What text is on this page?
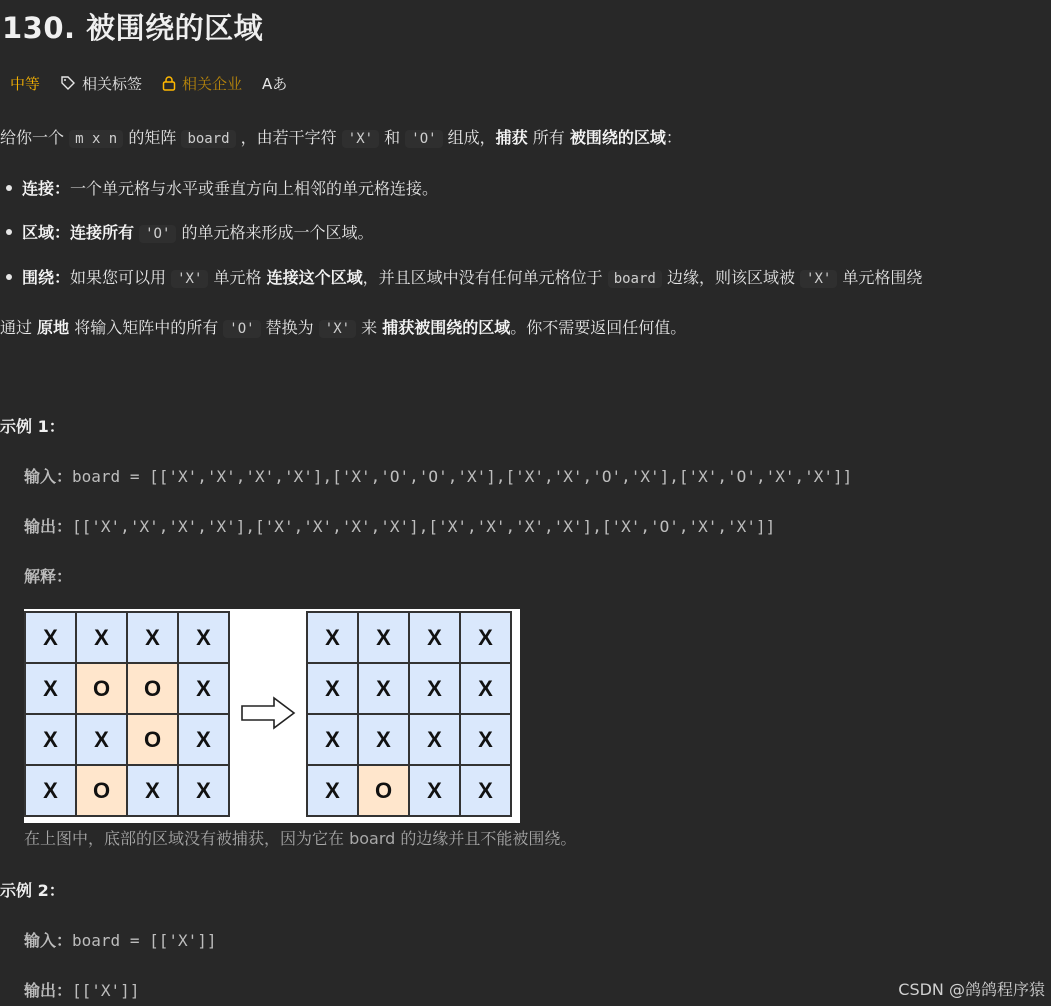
130. 被围绕的区域
中等	相关标签	相关企业 Aあ
给你一个 m x n 的矩阵 board ，由若干字符 'X' 和 'O' 组成，捕获 所有 被围绕的区域：
连接：一个单元格与水平或垂直方向上相邻的单元格连接。
区域：连接所有 'O' 的单元格来形成一个区域。
围绕：如果您可以用 'X' 单元格 连接这个区域，并且区域中没有任何单元格位于 board 边缘，则该区域被 'X' 单元格围绕
通过 原地 将输入矩阵中的所有 'O' 替换为 'X' 来 捕获被围绕的区域。你不需要返回任何值。
示例 1：
输入：board = [['X','X','X','X'],['X','O','O','X'],['X','X','O','X'],['X','O','X','X']]
输出：[['X','X','X','X'],['X','X','X','X'],['X','X','X','X'],['X','O','X','X']]
解释：
X	X	X	X
X	O	O	X
X	X	O	X
X	O	X	X
X	X	X	X
X	X	X	X
X	X	X	X
X	O	X	X
在上图中，底部的区域没有被捕获，因为它在 board 的边缘并且不能被围绕。
示例 2：
输入：board = [['X']]
输出：[['X']]	CSDN @鸽鸽程序猿
